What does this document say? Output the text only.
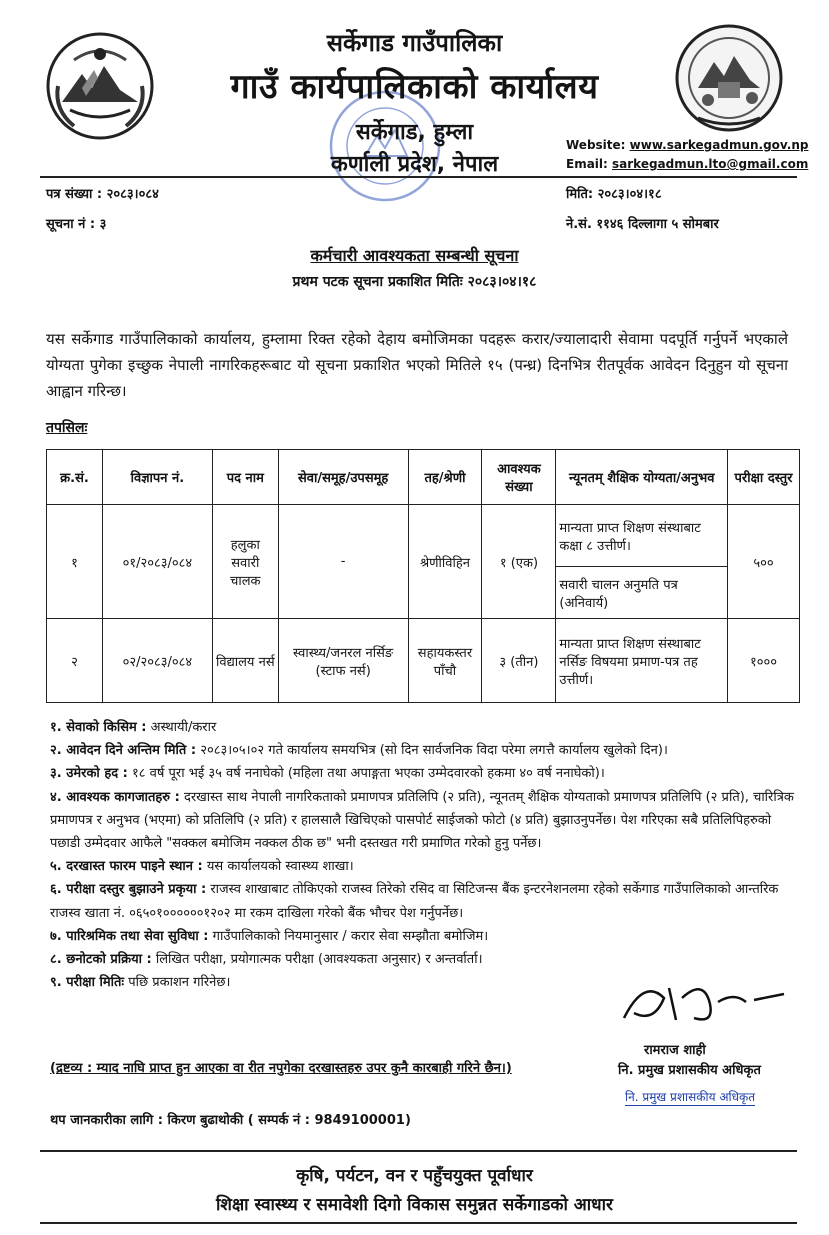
सर्केगाड गाउँपालिका
गाउँ कार्यपालिकाको कार्यालय
सर्केगाड, हुम्ला
कर्णाली प्रदेश, नेपाल
Website: www.sarkegadmun.gov.np
Email: sarkegadmun.lto@gmail.com
पत्र संख्या : २०८३।०८४
सूचना नं : ३
मिति: २०८३।०४।१८
ने.सं. ११४६ दिल्लागा ५ सोमबार
कर्मचारी आवश्यकता सम्बन्धी सूचना
प्रथम पटक सूचना प्रकाशित मितिः २०८३।०४।१८
यस सर्केगाड गाउँपालिकाको कार्यालय, हुम्लामा रिक्त रहेको देहाय बमोजिमका पदहरू करार/ज्यालादारी सेवामा पदपूर्ति गर्नुपर्ने भएकाले योग्यता पुगेका इच्छुक नेपाली नागरिकहरूबाट यो सूचना प्रकाशित भएको मितिले १५ (पन्ध्र) दिनभित्र रीतपूर्वक आवेदन दिनुहुन यो सूचना आह्वान गरिन्छ।
तपसिलः
क्र.सं.	विज्ञापन नं.	पद नाम	सेवा/समूह/उपसमूह	तह/श्रेणी	आवश्यक संख्या	न्यूनतम् शैक्षिक योग्यता/अनुभव	परीक्षा दस्तुर
१	०१/२०८३/०८४	हलुका सवारी चालक	-	श्रेणीविहिन	१ (एक)	मान्यता प्राप्त शिक्षण संस्थाबाट कक्षा ८ उत्तीर्ण।	५००
						सवारी चालन अनुमति पत्र (अनिवार्य)	
२	०२/२०८३/०८४	विद्यालय नर्स	स्वास्थ्य/जनरल नर्सिङ (स्टाफ नर्स)	सहायकस्तर पाँचौ	३ (तीन)	मान्यता प्राप्त शिक्षण संस्थाबाट नर्सिङ विषयमा प्रमाण-पत्र तह उत्तीर्ण।	१०००
१. सेवाको किसिम : अस्थायी/करार
२. आवेदन दिने अन्तिम मिति : २०८३।०५।०२ गते कार्यालय समयभित्र (सो दिन सार्वजनिक विदा परेमा लगत्तै कार्यालय खुलेको दिन)।
३. उमेरको हद : १८ वर्ष पूरा भई ३५ वर्ष ननाघेको (महिला तथा अपाङ्गता भएका उम्मेदवारको हकमा ४० वर्ष ननाघेको)।
४. आवश्यक कागजातहरु : दरखास्त साथ नेपाली नागरिकताको प्रमाणपत्र प्रतिलिपि (२ प्रति), न्यूनतम् शैक्षिक योग्यताको प्रमाणपत्र प्रतिलिपि (२ प्रति), चारित्रिक प्रमाणपत्र र अनुभव (भएमा) को प्रतिलिपि (२ प्रति) र हालसालै खिचिएको पासपोर्ट साईजको फोटो (४ प्रति) बुझाउनुपर्नेछ। पेश गरिएका सबै प्रतिलिपिहरुको पछाडी उम्मेदवार आफैले "सक्कल बमोजिम नक्कल ठीक छ" भनी दस्तखत गरी प्रमाणित गरेको हुनु पर्नेछ।
५. दरखास्त फारम पाइने स्थान : यस कार्यालयको स्वास्थ्य शाखा।
६. परीक्षा दस्तुर बुझाउने प्रकृया : राजस्व शाखाबाट तोकिएको राजस्व तिरेको रसिद वा सिटिजन्स बैंक इन्टरनेशनलमा रहेको सर्केगाड गाउँपालिकाको आन्तरिक राजस्व खाता नं. ०६५०१००००००१२०२ मा रकम दाखिला गरेको बैंक भौचर पेश गर्नुपर्नेछ।
७. पारिश्रमिक तथा सेवा सुविधा : गाउँपालिकाको नियमानुसार / करार सेवा सम्झौता बमोजिम।
८. छनोटको प्रक्रिया : लिखित परीक्षा, प्रयोगात्मक परीक्षा (आवश्यकता अनुसार) र अन्तर्वार्ता।
९. परीक्षा मितिः पछि प्रकाशन गरिनेछ।
(द्रष्टव्य : म्याद नाघि प्राप्त हुन आएका वा रीत नपुगेका दरखास्तहरु उपर कुनै कारबाही गरिने छैन।)
रामराज शाही
नि. प्रमुख प्रशासकीय अधिकृत
नि. प्रमुख प्रशासकीय अधिकृत
थप जानकारीका लागि : किरण बुढाथोकी ( सम्पर्क नं : 9849100001)
कृषि, पर्यटन, वन र पहुँचयुक्त पूर्वाधार
शिक्षा स्वास्थ्य र समावेशी दिगो विकास समुन्नत सर्केगाडको आधार
